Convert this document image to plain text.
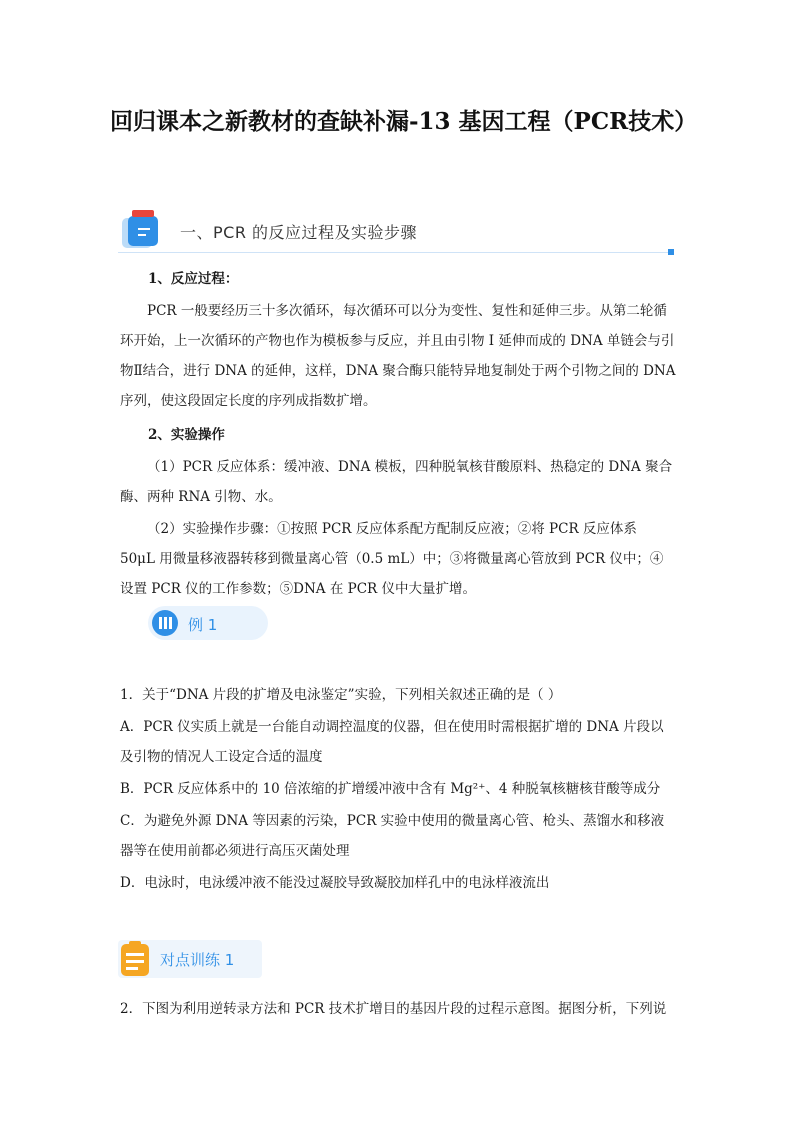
回归课本之新教材的查缺补漏-13 基因工程（PCR技术）
一、PCR 的反应过程及实验步骤
1、反应过程：
PCR 一般要经历三十多次循环，每次循环可以分为变性、复性和延伸三步。从第二轮循环开始，上一次循环的产物也作为模板参与反应，并且由引物 I 延伸而成的 DNA 单链会与引物Ⅱ结合，进行 DNA 的延伸，这样，DNA 聚合酶只能特异地复制处于两个引物之间的 DNA 序列，使这段固定长度的序列成指数扩增。
2、实验操作
（1）PCR 反应体系：缓冲液、DNA 模板，四种脱氧核苷酸原料、热稳定的 DNA 聚合酶、两种 RNA 引物、水。
（2）实验操作步骤：①按照 PCR 反应体系配方配制反应液；②将 PCR 反应体系 50μL 用微量移液器转移到微量离心管（0.5 mL）中；③将微量离心管放到 PCR 仪中；④设置 PCR 仪的工作参数；⑤DNA 在 PCR 仪中大量扩增。
例 1
1．关于“DNA 片段的扩增及电泳鉴定”实验，下列相关叙述正确的是（ ）
A．PCR 仪实质上就是一台能自动调控温度的仪器，但在使用时需根据扩增的 DNA 片段以及引物的情况人工设定合适的温度
B．PCR 反应体系中的 10 倍浓缩的扩增缓冲液中含有 Mg²⁺、4 种脱氧核糖核苷酸等成分
C．为避免外源 DNA 等因素的污染，PCR 实验中使用的微量离心管、枪头、蒸馏水和移液器等在使用前都必须进行高压灭菌处理
D．电泳时，电泳缓冲液不能没过凝胶导致凝胶加样孔中的电泳样液流出
对点训练 1
2．下图为利用逆转录方法和 PCR 技术扩增目的基因片段的过程示意图。据图分析，下列说
